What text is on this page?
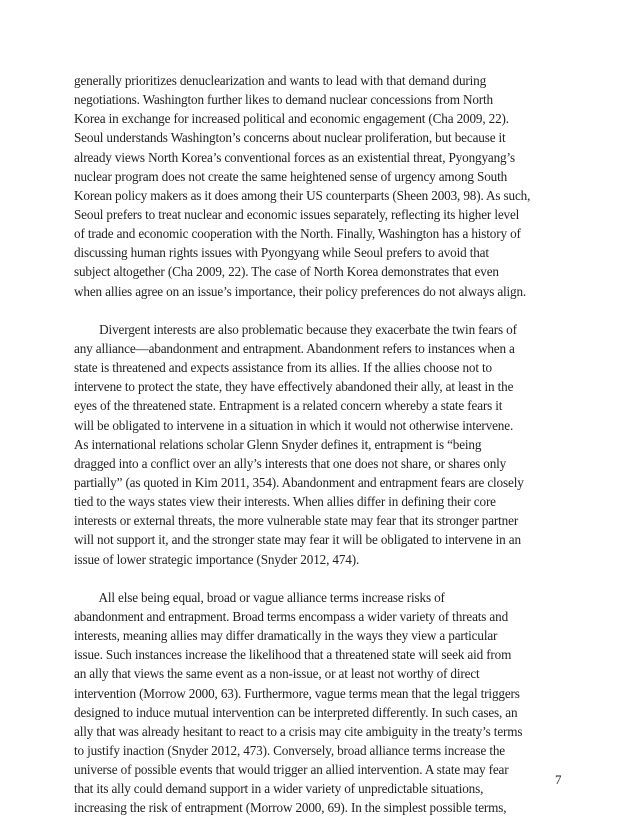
generally prioritizes denuclearization and wants to lead with that demand during
negotiations. Washington further likes to demand nuclear concessions from North
Korea in exchange for increased political and economic engagement (Cha 2009, 22).
Seoul understands Washington’s concerns about nuclear proliferation, but because it
already views North Korea’s conventional forces as an existential threat, Pyongyang’s
nuclear program does not create the same heightened sense of urgency among South
Korean policy makers as it does among their US counterparts (Sheen 2003, 98). As such,
Seoul prefers to treat nuclear and economic issues separately, reflecting its higher level
of trade and economic cooperation with the North. Finally, Washington has a history of
discussing human rights issues with Pyongyang while Seoul prefers to avoid that
subject altogether (Cha 2009, 22). The case of North Korea demonstrates that even
when allies agree on an issue’s importance, their policy preferences do not always align.
Divergent interests are also problematic because they exacerbate the twin fears of
any alliance—abandonment and entrapment. Abandonment refers to instances when a
state is threatened and expects assistance from its allies. If the allies choose not to
intervene to protect the state, they have effectively abandoned their ally, at least in the
eyes of the threatened state. Entrapment is a related concern whereby a state fears it
will be obligated to intervene in a situation in which it would not otherwise intervene.
As international relations scholar Glenn Snyder defines it, entrapment is “being
dragged into a conflict over an ally’s interests that one does not share, or shares only
partially” (as quoted in Kim 2011, 354). Abandonment and entrapment fears are closely
tied to the ways states view their interests. When allies differ in defining their core
interests or external threats, the more vulnerable state may fear that its stronger partner
will not support it, and the stronger state may fear it will be obligated to intervene in an
issue of lower strategic importance (Snyder 2012, 474).
All else being equal, broad or vague alliance terms increase risks of
abandonment and entrapment. Broad terms encompass a wider variety of threats and
interests, meaning allies may differ dramatically in the ways they view a particular
issue. Such instances increase the likelihood that a threatened state will seek aid from
an ally that views the same event as a non-issue, or at least not worthy of direct
intervention (Morrow 2000, 63). Furthermore, vague terms mean that the legal triggers
designed to induce mutual intervention can be interpreted differently. In such cases, an
ally that was already hesitant to react to a crisis may cite ambiguity in the treaty’s terms
to justify inaction (Snyder 2012, 473). Conversely, broad alliance terms increase the
universe of possible events that would trigger an allied intervention. A state may fear
that its ally could demand support in a wider variety of unpredictable situations,
increasing the risk of entrapment (Morrow 2000, 69). In the simplest possible terms,
7
